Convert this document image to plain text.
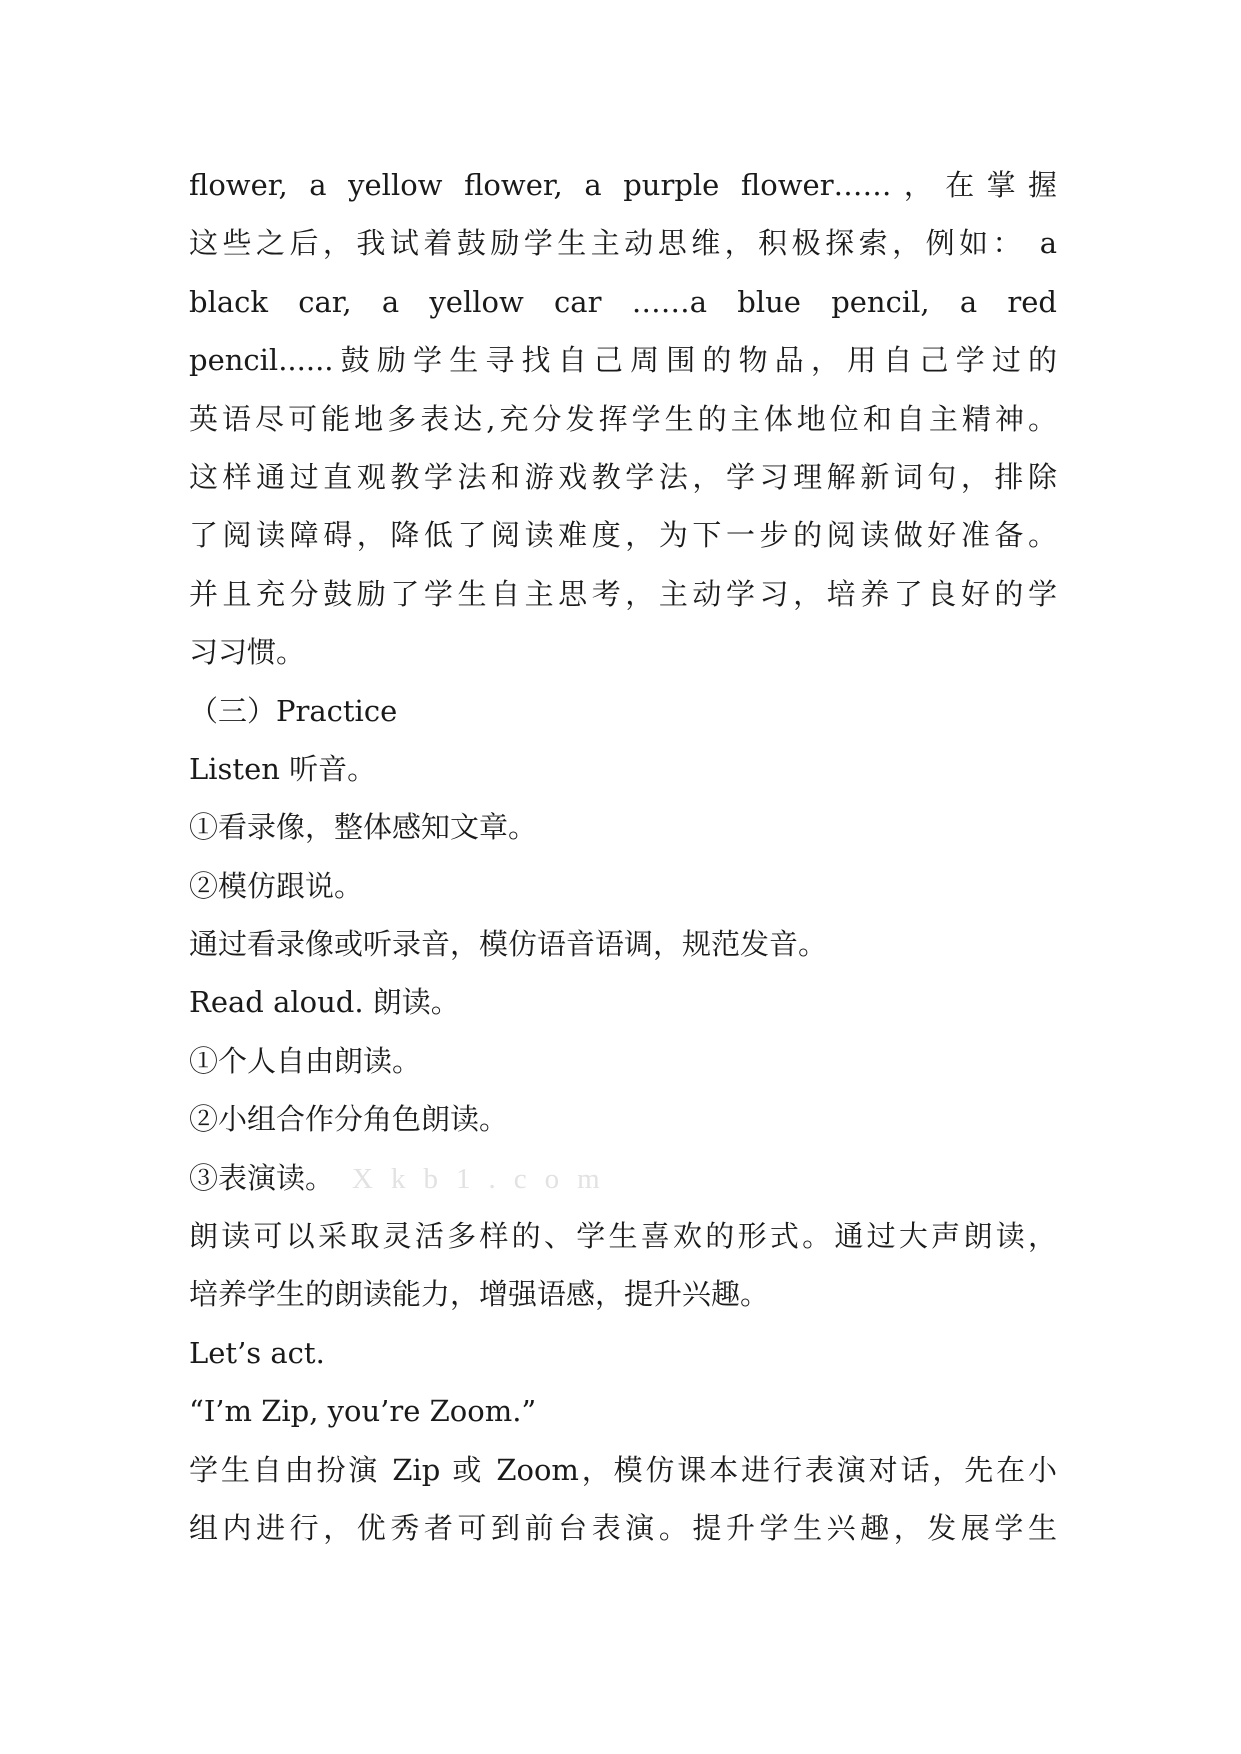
flower, a yellow flower, a purple flower……，在掌握
这些之后，我试着鼓励学生主动思维，积极探索，例如： a
black car, a yellow car ……a blue pencil, a red
pencil......鼓励学生寻找自己周围的物品，用自己学过的
英语尽可能地多表达,充分发挥学生的主体地位和自主精神。
这样通过直观教学法和游戏教学法，学习理解新词句，排除
了阅读障碍，降低了阅读难度，为下一步的阅读做好准备。
并且充分鼓励了学生自主思考，主动学习，培养了良好的学
习习惯。
（三）Practice
Listen 听音。
①看录像，整体感知文章。
②模仿跟说。
通过看录像或听录音，模仿语音语调，规范发音。
Read aloud. 朗读。
①个人自由朗读。
②小组合作分角色朗读。
③表演读。 Xkb1.com
朗读可以采取灵活多样的、学生喜欢的形式。通过大声朗读，
培养学生的朗读能力，增强语感，提升兴趣。
Let’s act.
“I’m Zip, you’re Zoom.”
学生自由扮演 Zip 或 Zoom，模仿课本进行表演对话，先在小
组内进行，优秀者可到前台表演。提升学生兴趣，发展学生
